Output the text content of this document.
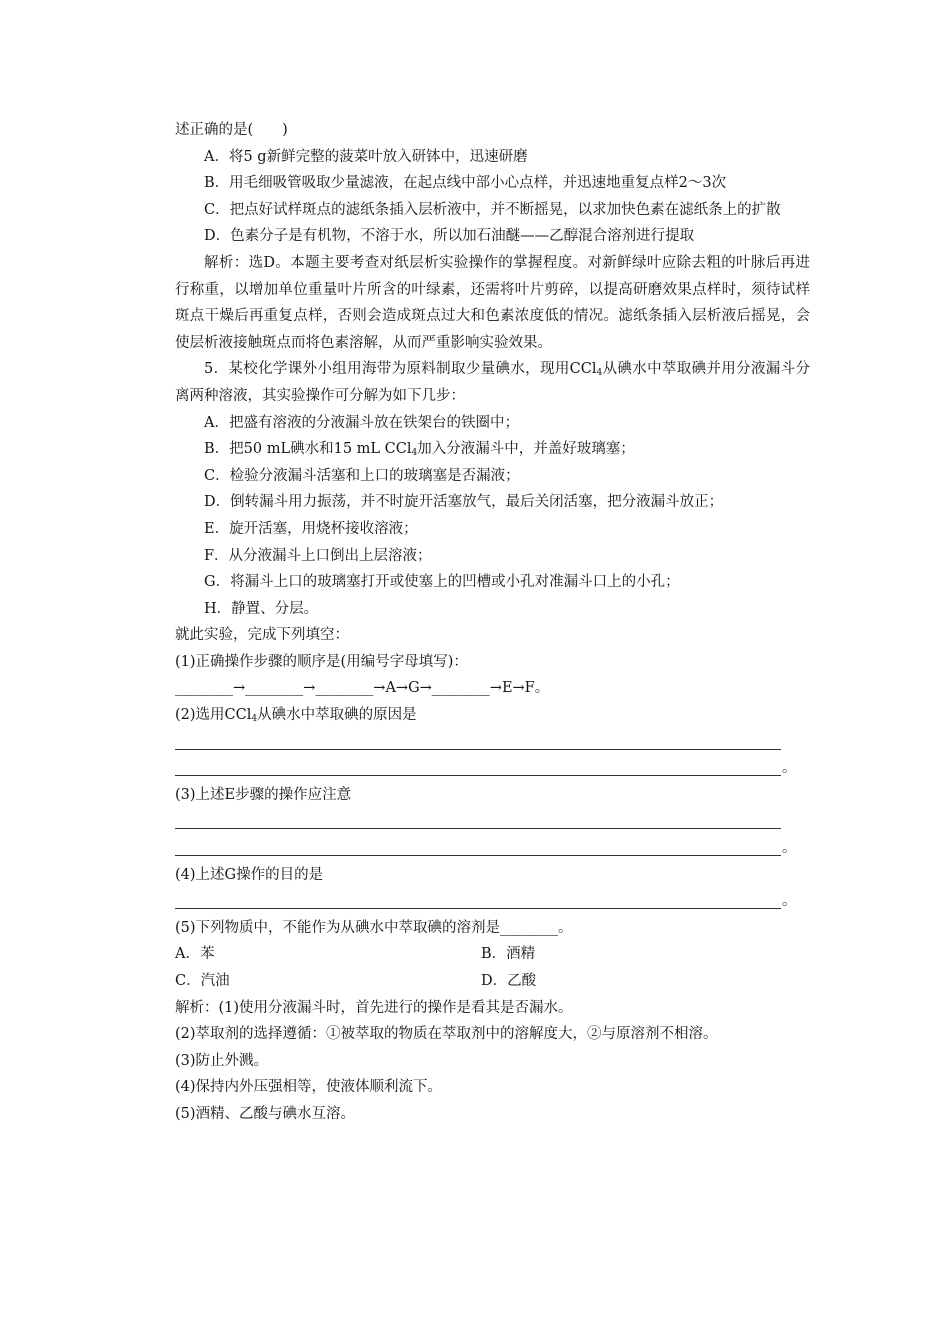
述正确的是(　　)
A．将5 g新鲜完整的菠菜叶放入研钵中，迅速研磨
B．用毛细吸管吸取少量滤液，在起点线中部小心点样，并迅速地重复点样2～3次
C．把点好试样斑点的滤纸条插入层析液中，并不断摇晃，以求加快色素在滤纸条上的扩散
D．色素分子是有机物，不溶于水，所以加石油醚——乙醇混合溶剂进行提取
解析：选D。本题主要考查对纸层析实验操作的掌握程度。对新鲜绿叶应除去粗的叶脉后再进行称重，以增加单位重量叶片所含的叶绿素，还需将叶片剪碎，以提高研磨效果点样时，须待试样斑点干燥后再重复点样，否则会造成斑点过大和色素浓度低的情况。滤纸条插入层析液后摇晃，会使层析液接触斑点而将色素溶解，从而严重影响实验效果。
5．某校化学课外小组用海带为原料制取少量碘水，现用CCl$_4$从碘水中萃取碘并用分液漏斗分离两种溶液，其实验操作可分解为如下几步：
A．把盛有溶液的分液漏斗放在铁架台的铁圈中；
B．把50 mL碘水和15 mL CCl$_4$加入分液漏斗中，并盖好玻璃塞；
C．检验分液漏斗活塞和上口的玻璃塞是否漏液；
D．倒转漏斗用力振荡，并不时旋开活塞放气，最后关闭活塞，把分液漏斗放正；
E．旋开活塞，用烧杯接收溶液；
F．从分液漏斗上口倒出上层溶液；
G．将漏斗上口的玻璃塞打开或使塞上的凹槽或小孔对准漏斗口上的小孔；
H．静置、分层。
就此实验，完成下列填空：
(1)正确操作步骤的顺序是(用编号字母填写)：
________→________→________→A→G→________→E→F。
(2)选用CCl$_4$从碘水中萃取碘的原因是
。
(3)上述E步骤的操作应注意
。
(4)上述G操作的目的是
。
(5)下列物质中，不能作为从碘水中萃取碘的溶剂是________。
A．苯	B．酒精
C．汽油	D．乙酸
解析：(1)使用分液漏斗时，首先进行的操作是看其是否漏水。
(2)萃取剂的选择遵循：①被萃取的物质在萃取剂中的溶解度大，②与原溶剂不相溶。
(3)防止外溅。
(4)保持内外压强相等，使液体顺利流下。
(5)酒精、乙酸与碘水互溶。
